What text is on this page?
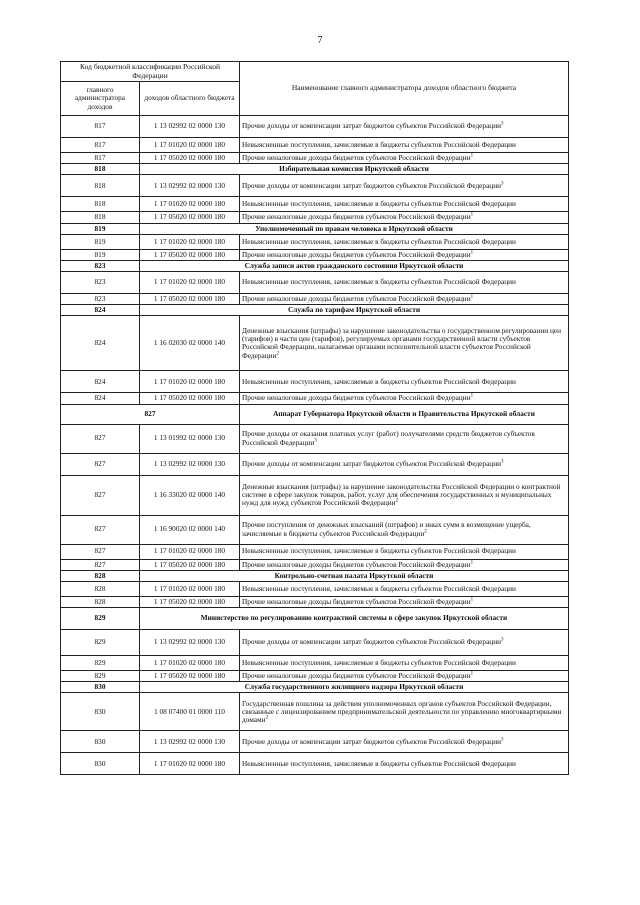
7
Код бюджетной классификации Российской Федерации		Наименование главного администратора доходов областного бюджета
главного администратора доходов	доходов областного бюджета	
817	1 13 02992 02 0000 130	Прочие доходы от компенсации затрат бюджетов субъектов Российской Федерации$^3$
817	1 17 01020 02 0000 180	Невыясненные поступления, зачисляемые в бюджеты субъектов Российской Федерации
817	1 17 05020 02 0000 180	Прочие неналоговые доходы бюджетов субъектов Российской Федерации$^1$
818	Избирательная комиссия Иркутской области	
818	1 13 02992 02 0000 130	Прочие доходы от компенсации затрат бюджетов субъектов Российской Федерации$^3$
818	1 17 01020 02 0000 180	Невыясненные поступления, зачисляемые в бюджеты субъектов Российской Федерации
818	1 17 05020 02 0000 180	Прочие неналоговые доходы бюджетов субъектов Российской Федерации$^1$
819	Уполномоченный по правам человека в Иркутской области	
819	1 17 01020 02 0000 180	Невыясненные поступления, зачисляемые в бюджеты субъектов Российской Федерации
819	1 17 05020 02 0000 180	Прочие неналоговые доходы бюджетов субъектов Российской Федерации$^1$
823	Служба записи актов гражданского состояния Иркутской области	
823	1 17 01020 02 0000 180	Невыясненные поступления, зачисляемые в бюджеты субъектов Российской Федерации
823	1 17 05020 02 0000 180	Прочие неналоговые доходы бюджетов субъектов Российской Федерации$^1$
824	Служба по тарифам Иркутской области	
824	1 16 02030 02 0000 140	Денежные взыскания (штрафы) за нарушение законодательства о государственном регулировании цен (тарифов) в части цен (тарифов), регулируемых органами государственной власти субъектов Российской Федерации, налагаемые органами исполнительной власти субъектов Российской Федерации$^2$
824	1 17 01020 02 0000 180	Невыясненные поступления, зачисляемые в бюджеты субъектов Российской Федерации
824	1 17 05020 02 0000 180	Прочие неналоговые доходы бюджетов субъектов Российской Федерации$^1$
827		Аппарат Губернатора Иркутской области и Правительства Иркутской области
827	1 13 01992 02 0000 130	Прочие доходы от оказания платных услуг (работ) получателями средств бюджетов субъектов Российской Федерации$^3$
827	1 13 02992 02 0000 130	Прочие доходы от компенсации затрат бюджетов субъектов Российской Федерации$^3$
827	1 16 33020 02 0000 140	Денежные взыскания (штрафы) за нарушение законодательства Российской Федерации о контрактной системе в сфере закупок товаров, работ, услуг для обеспечения государственных и муниципальных нужд для нужд субъектов Российской Федерации$^2$
827	1 16 90020 02 0000 140	Прочие поступления от денежных взысканий (штрафов) и иных сумм в возмещение ущерба, зачисляемые в бюджеты субъектов Российской Федерации$^2$
827	1 17 01020 02 0000 180	Невыясненные поступления, зачисляемые в бюджеты субъектов Российской Федерации
827	1 17 05020 02 0000 180	Прочие неналоговые доходы бюджетов субъектов Российской Федерации$^1$
828	Контрольно-счетная палата Иркутской области	
828	1 17 01020 02 0000 180	Невыясненные поступления, зачисляемые в бюджеты субъектов Российской Федерации
828	1 17 05020 02 0000 180	Прочие неналоговые доходы бюджетов субъектов Российской Федерации$^1$
829	Министерство по регулированию контрактной системы в сфере закупок Иркутской области	
829	1 13 02992 02 0000 130	Прочие доходы от компенсации затрат бюджетов субъектов Российской Федерации$^3$
829	1 17 01020 02 0000 180	Невыясненные поступления, зачисляемые в бюджеты субъектов Российской Федерации
829	1 17 05020 02 0000 180	Прочие неналоговые доходы бюджетов субъектов Российской Федерации$^1$
830	Служба государственного жилищного надзора Иркутской области	
830	1 08 07400 01 0000 110	Государственная пошлина за действия уполномоченных органов субъектов Российской Федерации, связанные с лицензированием предпринимательской деятельности по управлению многоквартирными домами$^2$
830	1 13 02992 02 0000 130	Прочие доходы от компенсации затрат бюджетов субъектов Российской Федерации$^3$
830	1 17 01020 02 0000 180	Невыясненные поступления, зачисляемые в бюджеты субъектов Российской Федерации
